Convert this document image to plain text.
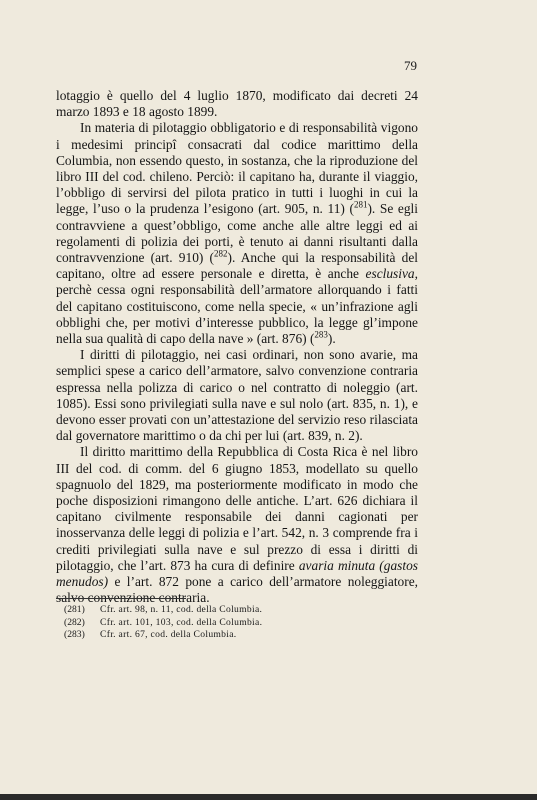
79

lotaggio è quello del 4 luglio 1870, modificato dai decreti 24 marzo 1893 e 18 agosto 1899.

In materia di pilotaggio obbligatorio e di responsabilità vigono i medesimi principî consacrati dal codice marittimo della Columbia, non essendo questo, in sostanza, che la riproduzione del libro III del cod. chileno. Perciò: il capitano ha, durante il viaggio, l’obbligo di servirsi del pilota pratico in tutti i luoghi in cui la legge, l’uso o la prudenza l’esigono (art. 905, n. 11) ($^{281}$). Se egli contravviene a quest’obbligo, come anche alle altre leggi ed ai regolamenti di polizia dei porti, è tenuto ai danni risultanti dalla contravvenzione (art. 910) ($^{282}$). Anche qui la responsabilità del capitano, oltre ad essere personale e diretta, è anche esclusiva, perchè cessa ogni responsabilità dell’armatore allorquando i fatti del capitano costituiscono, come nella specie, « un’infrazione agli obblighi che, per motivi d’interesse pubblico, la legge gl’impone nella sua qualità di capo della nave » (art. 876) ($^{283}$).

I diritti di pilotaggio, nei casi ordinari, non sono avarie, ma semplici spese a carico dell’armatore, salvo convenzione contraria espressa nella polizza di carico o nel contratto di noleggio (art. 1085). Essi sono privilegiati sulla nave e sul nolo (art. 835, n. 1), e devono esser provati con un’attestazione del servizio reso rilasciata dal governatore marittimo o da chi per lui (art. 839, n. 2).

Il diritto marittimo della Repubblica di Costa Rica è nel libro III del cod. di comm. del 6 giugno 1853, modellato su quello spagnuolo del 1829, ma posteriormente modificato in modo che poche disposizioni rimangono delle antiche. L’art. 626 dichiara il capitano civilmente responsabile dei danni cagionati per inosservanza delle leggi di polizia e l’art. 542, n. 3 comprende fra i crediti privilegiati sulla nave e sul prezzo di essa i diritti di pilotaggio, che l’art. 873 ha cura di definire avaria minuta (gastos menudos) e l’art. 872 pone a carico dell’armatore noleggiatore, salvo convenzione contraria.

(281)	Cfr. art. 98, n. 11, cod. della Columbia.
(282)	Cfr. art. 101, 103, cod. della Columbia.
(283)	Cfr. art. 67, cod. della Columbia.
